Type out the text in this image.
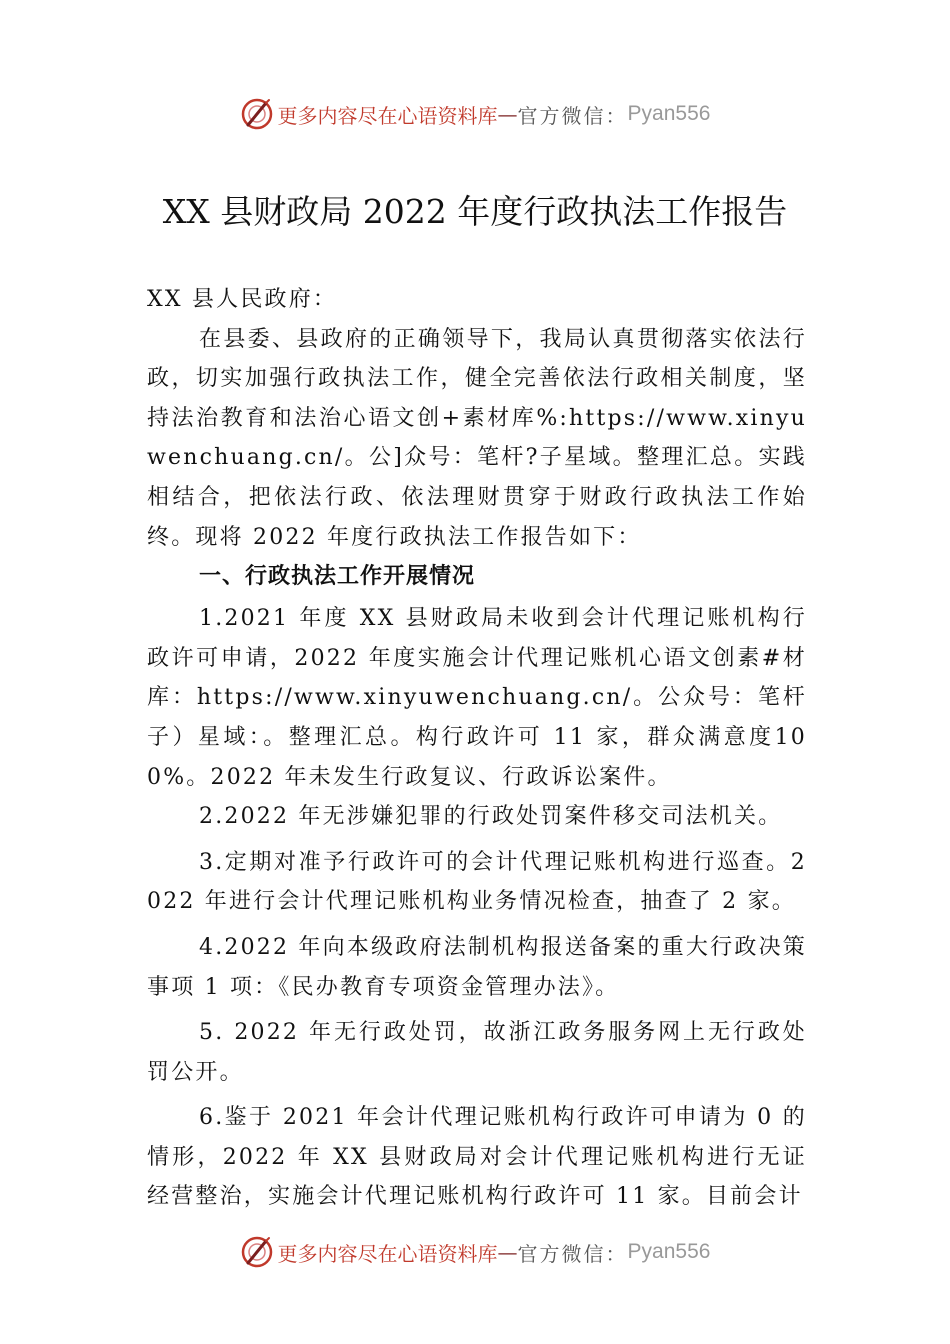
更多内容尽在心语资料库 — 官方微信： Pyan556
XX 县财政局 2022 年度行政执法工作报告

XX 县人民政府：

在县委、县政府的正确领导下，我局认真贯彻落实依法行政，切实加强行政执法工作，健全完善依法行政相关制度，坚持法治教育和法治心语文创+素材库%:https://www.xinyuwenchuang.cn/。公]众号：笔杆?子星域。整理汇总。实践相结合，把依法行政、依法理财贯穿于财政行政执法工作始终。现将 2022 年度行政执法工作报告如下：

一、行政执法工作开展情况

1.2021 年度 XX 县财政局未收到会计代理记账机构行政许可申请，2022 年度实施会计代理记账机心语文创素#材库：https://www.xinyuwenchuang.cn/。公众号：笔杆子）星域：。整理汇总。构行政许可 11 家，群众满意度100%。2022 年未发生行政复议、行政诉讼案件。

2.2022 年无涉嫌犯罪的行政处罚案件移交司法机关。

3.定期对准予行政许可的会计代理记账机构进行巡查。2022 年进行会计代理记账机构业务情况检查，抽查了 2 家。

4.2022 年向本级政府法制机构报送备案的重大行政决策事项 1 项：《民办教育专项资金管理办法》。

5. 2022 年无行政处罚，故浙江政务服务网上无行政处罚公开。

6.鉴于 2021 年会计代理记账机构行政许可申请为 0 的情形，2022 年 XX 县财政局对会计代理记账机构进行无证经营整治，实施会计代理记账机构行政许可 11 家。目前会计

更多内容尽在心语资料库 — 官方微信： Pyan556
